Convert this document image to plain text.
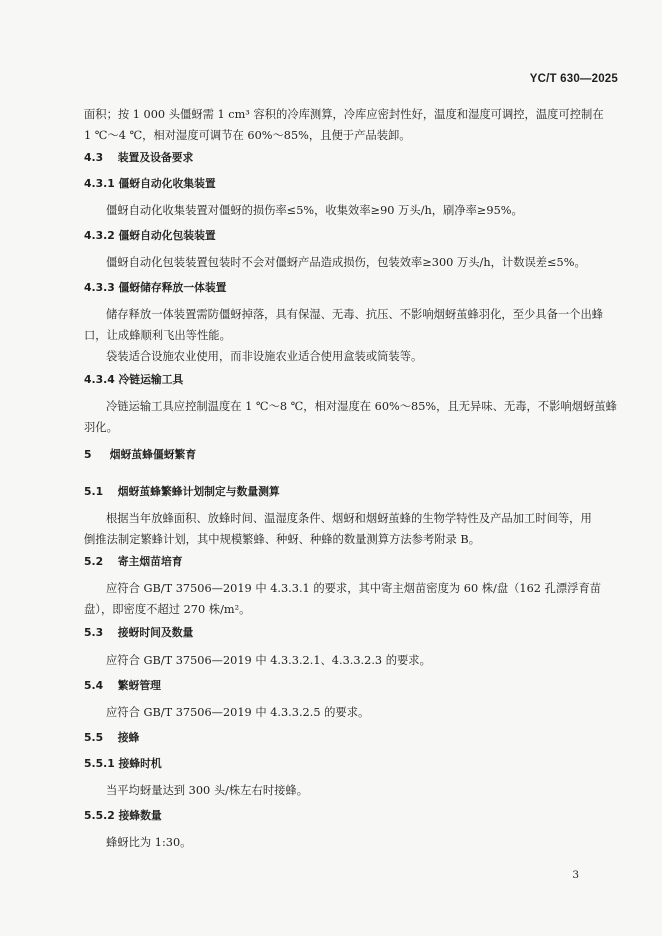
YC/T 630—2025
面积；按 1 000 头僵蚜需 1 cm³ 容积的冷库测算，冷库应密封性好，温度和湿度可调控，温度可控制在
1 ℃～4 ℃，相对湿度可调节在 60%～85%，且便于产品装卸。
4.3 装置及设备要求
4.3.1 僵蚜自动化收集装置
僵蚜自动化收集装置对僵蚜的损伤率≤5%，收集效率≥90 万头/h，刷净率≥95%。
4.3.2 僵蚜自动化包装装置
僵蚜自动化包装装置包装时不会对僵蚜产品造成损伤，包装效率≥300 万头/h，计数误差≤5%。
4.3.3 僵蚜储存释放一体装置
储存释放一体装置需防僵蚜掉落，具有保湿、无毒、抗压、不影响烟蚜茧蜂羽化，至少具备一个出蜂
口，让成蜂顺利飞出等性能。
袋装适合设施农业使用，而非设施农业适合使用盒装或筒装等。
4.3.4 冷链运输工具
冷链运输工具应控制温度在 1 ℃～8 ℃，相对湿度在 60%～85%，且无异味、无毒，不影响烟蚜茧蜂
羽化。
5 烟蚜茧蜂僵蚜繁育
5.1 烟蚜茧蜂繁蜂计划制定与数量测算
根据当年放蜂面积、放蜂时间、温湿度条件、烟蚜和烟蚜茧蜂的生物学特性及产品加工时间等，用
倒推法制定繁蜂计划，其中规模繁蜂、种蚜、种蜂的数量测算方法参考附录 B。
5.2 寄主烟苗培育
应符合 GB/T 37506—2019 中 4.3.3.1 的要求，其中寄主烟苗密度为 60 株/盘（162 孔漂浮育苗
盘），即密度不超过 270 株/m²。
5.3 接蚜时间及数量
应符合 GB/T 37506—2019 中 4.3.3.2.1、4.3.3.2.3 的要求。
5.4 繁蚜管理
应符合 GB/T 37506—2019 中 4.3.3.2.5 的要求。
5.5 接蜂
5.5.1 接蜂时机
当平均蚜量达到 300 头/株左右时接蜂。
5.5.2 接蜂数量
蜂蚜比为 1:30。
3
